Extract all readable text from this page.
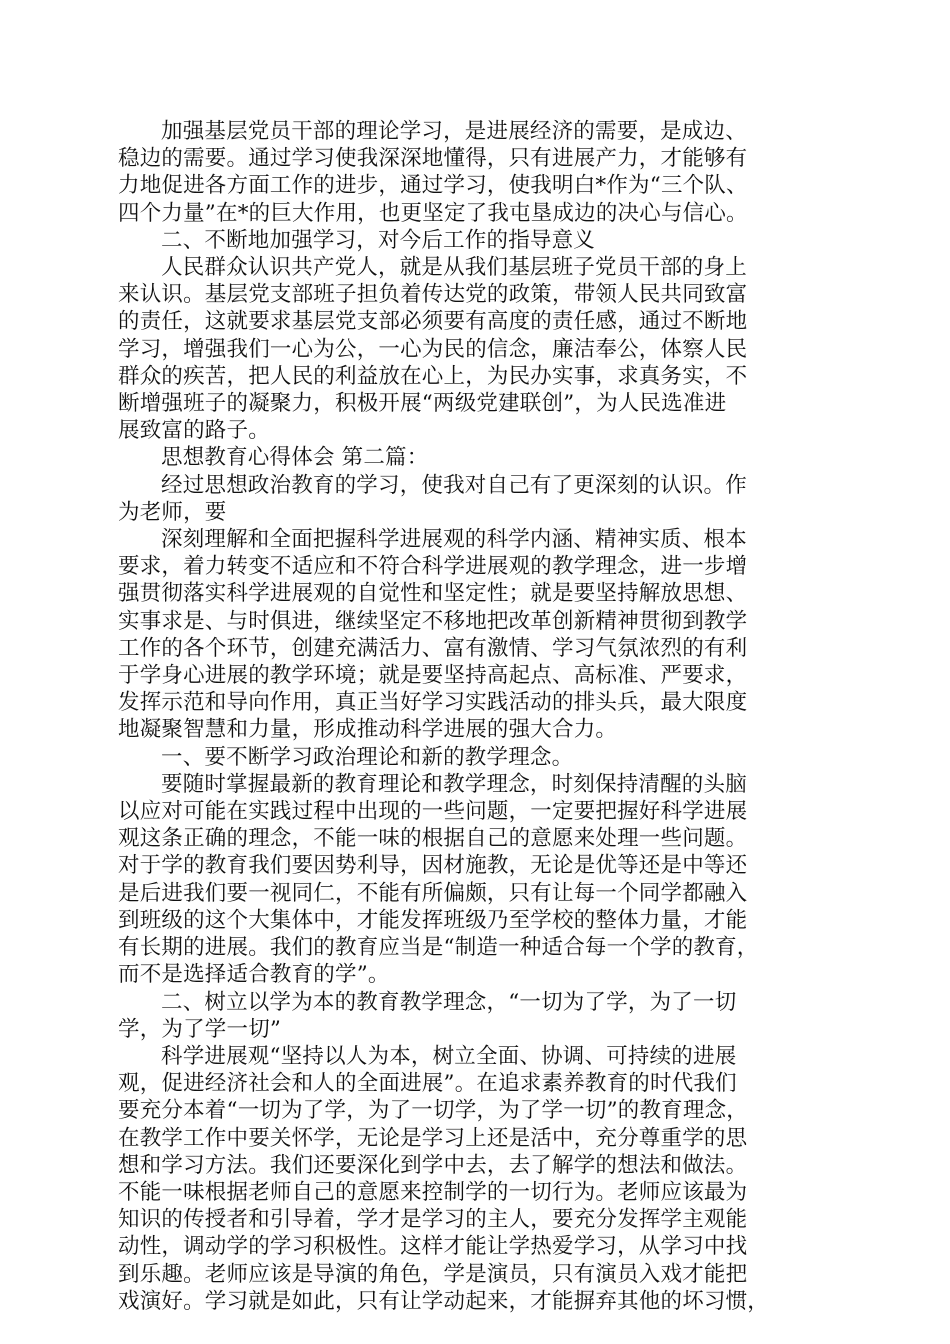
加强基层党员干部的理论学习，是进展经济的需要，是成边、
稳边的需要。通过学习使我深深地懂得，只有进展产力，才能够有
力地促进各方面工作的进步，通过学习，使我明白*作为“三个队、
四个力量”在*的巨大作用，也更坚定了我屯垦成边的决心与信心。

二、不断地加强学习，对今后工作的指导意义

人民群众认识共产党人，就是从我们基层班子党员干部的身上
来认识。基层党支部班子担负着传达党的政策，带领人民共同致富
的责任，这就要求基层党支部必须要有高度的责任感，通过不断地
学习，增强我们一心为公，一心为民的信念，廉洁奉公，体察人民
群众的疾苦，把人民的利益放在心上，为民办实事，求真务实，不
断增强班子的凝聚力，积极开展“两级党建联创”，为人民选准进
展致富的路子。

思想教育心得体会 第二篇：

经过思想政治教育的学习，使我对自己有了更深刻的认识。作
为老师，要

深刻理解和全面把握科学进展观的科学内涵、精神实质、根本
要求，着力转变不适应和不符合科学进展观的教学理念，进一步增
强贯彻落实科学进展观的自觉性和坚定性；就是要坚持解放思想、
实事求是、与时俱进，继续坚定不移地把改革创新精神贯彻到教学
工作的各个环节，创建充满活力、富有激情、学习气氛浓烈的有利
于学身心进展的教学环境；就是要坚持高起点、高标准、严要求，
发挥示范和导向作用，真正当好学习实践活动的排头兵，最大限度
地凝聚智慧和力量，形成推动科学进展的强大合力。

一、要不断学习政治理论和新的教学理念。

要随时掌握最新的教育理论和教学理念，时刻保持清醒的头脑
以应对可能在实践过程中出现的一些问题，一定要把握好科学进展
观这条正确的理念，不能一味的根据自己的意愿来处理一些问题。
对于学的教育我们要因势利导，因材施教，无论是优等还是中等还
是后进我们要一视同仁，不能有所偏颇，只有让每一个同学都融入
到班级的这个大集体中，才能发挥班级乃至学校的整体力量，才能
有长期的进展。我们的教育应当是“制造一种适合每一个学的教育，
而不是选择适合教育的学”。

二、树立以学为本的教育教学理念，“一切为了学，为了一切
学，为了学一切”

科学进展观“坚持以人为本，树立全面、协调、可持续的进展
观，促进经济社会和人的全面进展”。在追求素养教育的时代我们
要充分本着“一切为了学，为了一切学，为了学一切”的教育理念，
在教学工作中要关怀学，无论是学习上还是活中，充分尊重学的思
想和学习方法。我们还要深化到学中去，去了解学的想法和做法。
不能一味根据老师自己的意愿来控制学的一切行为。老师应该最为
知识的传授者和引导着，学才是学习的主人，要充分发挥学主观能
动性，调动学的学习积极性。这样才能让学热爱学习，从学习中找
到乐趣。老师应该是导演的角色，学是演员，只有演员入戏才能把
戏演好。学习就是如此，只有让学动起来，才能摒弃其他的坏习惯，
